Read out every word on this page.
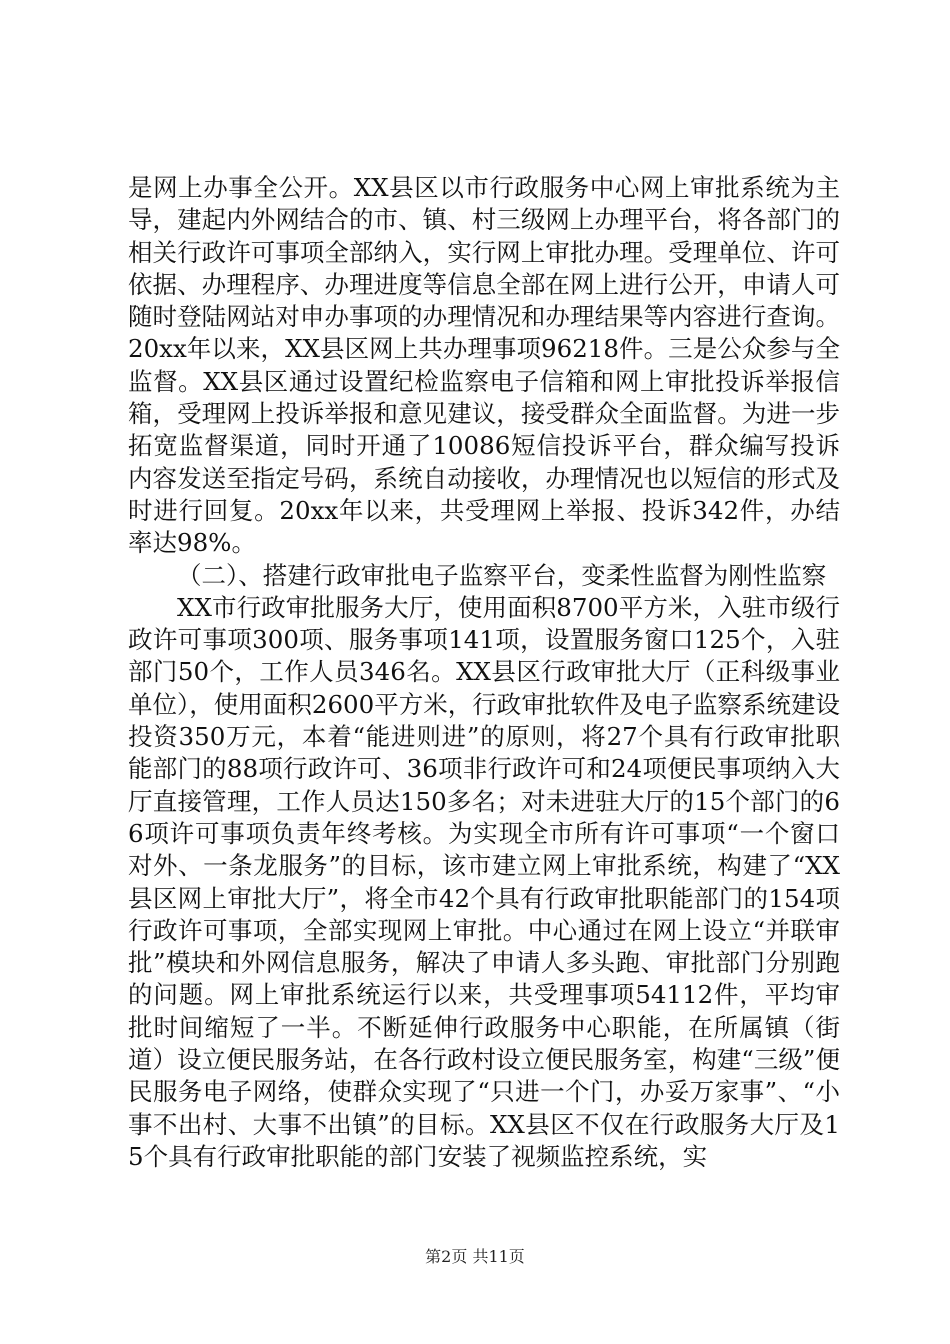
是网上办事全公开。XX县区以市行政服务中心网上审批系统为主导，建起内外网结合的市、镇、村三级网上办理平台，将各部门的相关行政许可事项全部纳入，实行网上审批办理。受理单位、许可依据、办理程序、办理进度等信息全部在网上进行公开，申请人可随时登陆网站对申办事项的办理情况和办理结果等内容进行查询。20xx年以来，XX县区网上共办理事项96218件。三是公众参与全监督。XX县区通过设置纪检监察电子信箱和网上审批投诉举报信箱，受理网上投诉举报和意见建议，接受群众全面监督。为进一步拓宽监督渠道，同时开通了10086短信投诉平台，群众编写投诉内容发送至指定号码，系统自动接收，办理情况也以短信的形式及时进行回复。20xx年以来，共受理网上举报、投诉342件，办结率达98%。

（二）、搭建行政审批电子监察平台，变柔性监督为刚性监察

XX市行政审批服务大厅，使用面积8700平方米，入驻市级行政许可事项300项、服务事项141项，设置服务窗口125个，入驻部门50个，工作人员346名。XX县区行政审批大厅（正科级事业单位），使用面积2600平方米，行政审批软件及电子监察系统建设投资350万元，本着“能进则进”的原则，将27个具有行政审批职能部门的88项行政许可、36项非行政许可和24项便民事项纳入大厅直接管理，工作人员达150多名；对未进驻大厅的15个部门的66项许可事项负责年终考核。为实现全市所有许可事项“一个窗口对外、一条龙服务”的目标，该市建立网上审批系统，构建了“XX县区网上审批大厅”，将全市42个具有行政审批职能部门的154项行政许可事项，全部实现网上审批。中心通过在网上设立“并联审批”模块和外网信息服务，解决了申请人多头跑、审批部门分别跑的问题。网上审批系统运行以来，共受理事项54112件，平均审批时间缩短了一半。不断延伸行政服务中心职能，在所属镇（街道）设立便民服务站，在各行政村设立便民服务室，构建“三级”便民服务电子网络，使群众实现了“只进一个门，办妥万家事”、“小事不出村、大事不出镇”的目标。XX县区不仅在行政服务大厅及15个具有行政审批职能的部门安装了视频监控系统，实

第2页 共11页
